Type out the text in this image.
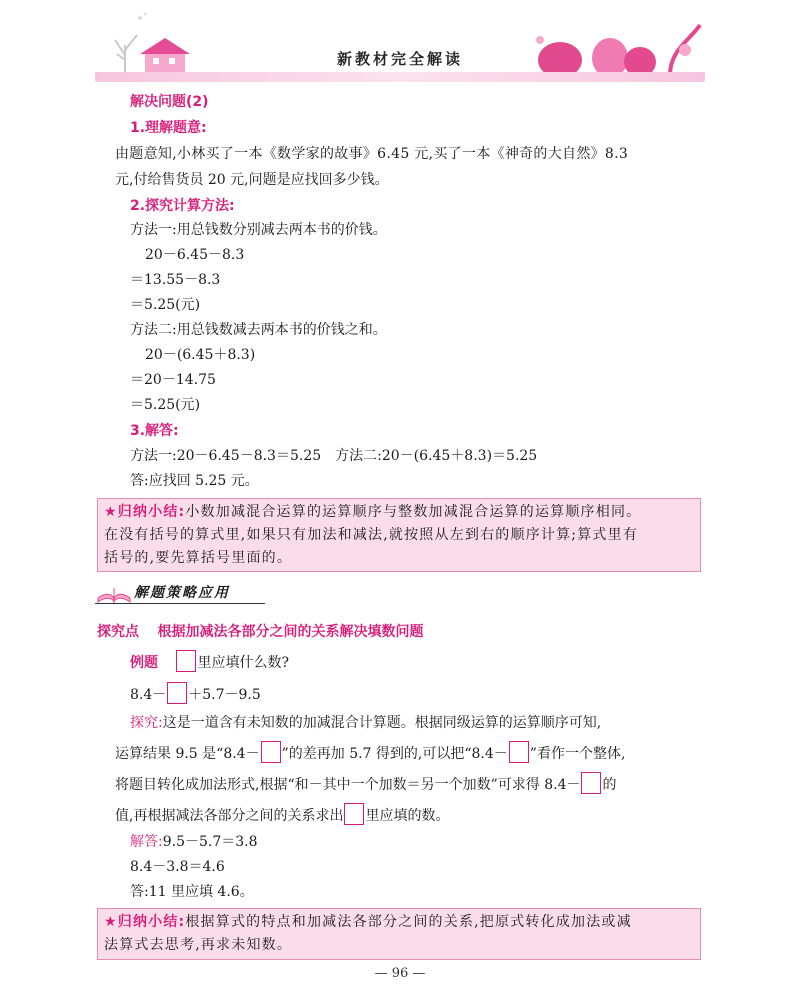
新教材完全解读
解决问题(2)
1.理解题意:
由题意知,小林买了一本《数学家的故事》6.45 元,买了一本《神奇的大自然》8.3
元,付给售货员 20 元,问题是应找回多少钱。
2.探究计算方法:
方法一:用总钱数分别减去两本书的价钱。
20－6.45－8.3
＝13.55－8.3
＝5.25(元)
方法二:用总钱数减去两本书的价钱之和。
20－(6.45＋8.3)
＝20－14.75
＝5.25(元)
3.解答:
方法一:20－6.45－8.3＝5.25　方法二:20－(6.45＋8.3)＝5.25
答:应找回 5.25 元。
★归纳小结:小数加减混合运算的运算顺序与整数加减混合运算的运算顺序相同。
在没有括号的算式里,如果只有加法和减法,就按照从左到右的顺序计算;算式里有
括号的,要先算括号里面的。
解题策略应用
探究点 根据加减法各部分之间的关系解决填数问题
例题	里应填什么数?
8.4－ ＋5.7－9.5
探究:这是一道含有未知数的加减混合计算题。根据同级运算的运算顺序可知,
运算结果 9.5 是“8.4－ ”的差再加 5.7 得到的,可以把“8.4－ ”看作一个整体,
将题目转化成加法形式,根据“和－其中一个加数＝另一个加数”可求得 8.4－ 的
值,再根据减法各部分之间的关系求出 里应填的数。
解答:9.5－5.7＝3.8
8.4－3.8＝4.6
答:11 里应填 4.6。
★归纳小结:根据算式的特点和加减法各部分之间的关系,把原式转化成加法或减
法算式去思考,再求未知数。
— 96 —
